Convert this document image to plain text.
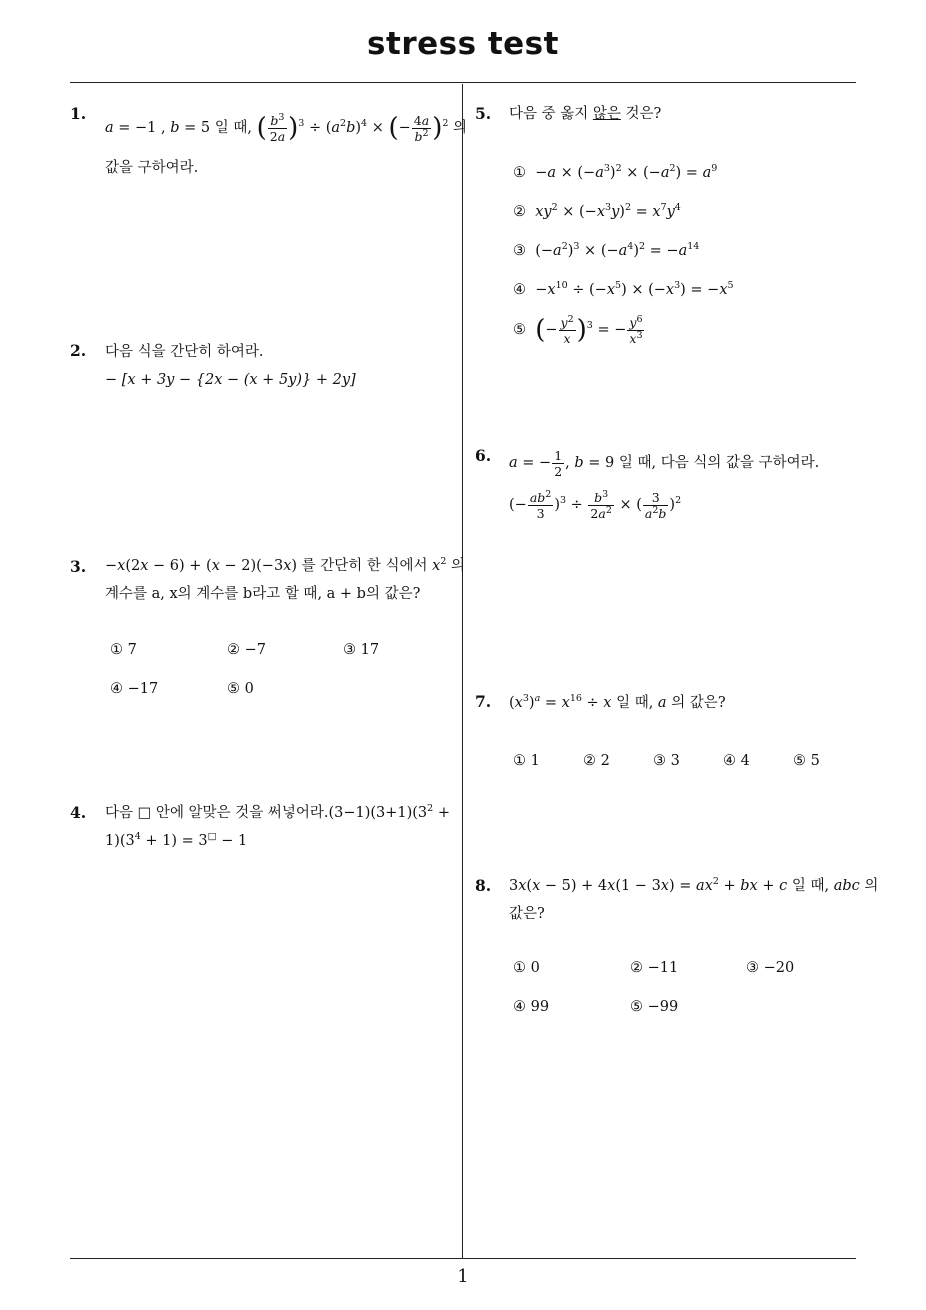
stress test
1
1.
a = −1 , b = 5 일 때, ( $\frac{b^3}{2a} )^3 \div (a^2b)^4$ × (− $\frac{4a}{b^2} )^2$ 의
값을 구하여라.
2. 다음 식을 간단히 하여라.
− [x + 3y − {2x − (x + 5y)} + 2y]
3. −x(2x − 6) + (x − 2)(−3x) 를 간단히 한 식에서 $x^2$ 의
계수를 a, x의 계수를 b라고 할 때, a + b의 값은?
① 7	② −7	③ 17
④ −17	⑤ 0
4. 다음 □ 안에 알맞은 것을 써넣어라$.(3-1)(3+1)(3^2$ +
$1)(3^4 + 1) = 3^□ - 1$
5. 다음 중 옳지 않은 것은?
①  $-a \times (-a^3)^2 \times (-a^2) = a^9$
② $xy^2 \times (-x^3y)^2 = x^7y^4$
③  $(-a^2)^3 \times (-a^4)^2 = -a^{14}$
④  $-x^{10} \div (-x^5) \times (-x^3) = -x^5$
⑤ (− $\frac{y^2}{x} )^3$ = − $\frac{y^6}{x^3}$
6. a = − $\frac{1}{2}$ , b = 9 일 때, 다음 식의 값을 구하여라.
(− $\frac{ab^2}{3} )^3 \div \frac{b^3}{2a^2}$ × ( $\frac{3}{a^2b} )^2$
7. $(x^3)^a = x^{16} \div x$ 일 때, a 의 값은?
① 1	② 2	③ 3	④ 4	⑤ 5
8. $3x(x - 5) + 4x(1 - 3x) = ax^2$ + bx + c 일 때, abc 의
값은?
① 0	② −11	③ −20
④ 99	⑤ −99
